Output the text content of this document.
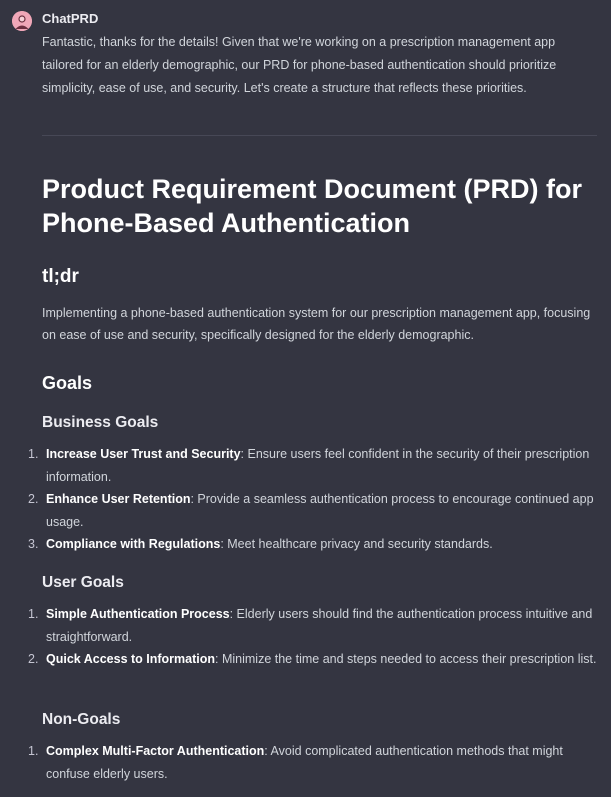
ChatPRD

Fantastic, thanks for the details! Given that we're working on a prescription management app tailored for an elderly demographic, our PRD for phone-based authentication should prioritize simplicity, ease of use, and security. Let's create a structure that reflects these priorities.

Product Requirement Document (PRD) for Phone-Based Authentication
tl;dr

Implementing a phone-based authentication system for our prescription management app, focusing on ease of use and security, specifically designed for the elderly demographic.

Goals
Business Goals
1. Increase User Trust and Security: Ensure users feel confident in the security of their prescription information.
2. Enhance User Retention: Provide a seamless authentication process to encourage continued app usage.
3. Compliance with Regulations: Meet healthcare privacy and security standards.
User Goals
1. Simple Authentication Process: Elderly users should find the authentication process intuitive and straightforward.
2. Quick Access to Information: Minimize the time and steps needed to access their prescription list.
Non-Goals
1. Complex Multi-Factor Authentication: Avoid complicated authentication methods that might confuse elderly users.
